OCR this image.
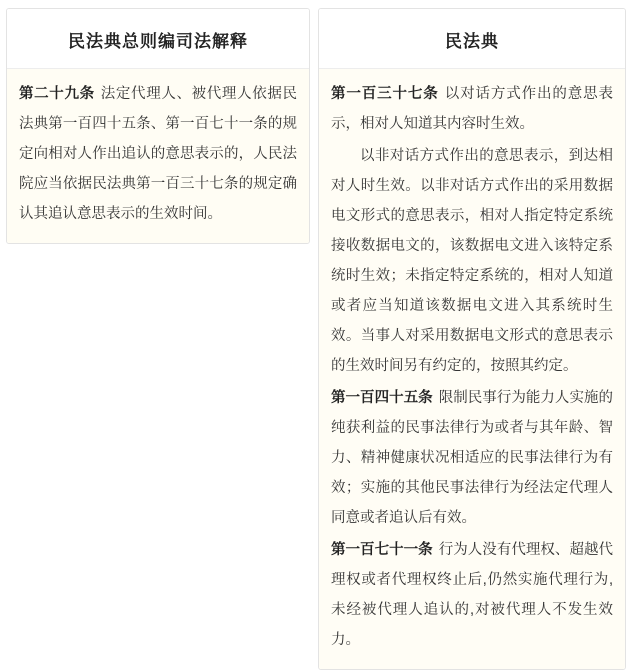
民法典总则编司法解释

第二十九条 法定代理人、被代理人依据民法典第一百四十五条、第一百七十一条的规定向相对人作出追认的意思表示的，人民法院应当依据民法典第一百三十七条的规定确认其追认意思表示的生效时间。

民法典

第一百三十七条 以对话方式作出的意思表示，相对人知道其内容时生效。

以非对话方式作出的意思表示，到达相对人时生效。以非对话方式作出的采用数据电文形式的意思表示，相对人指定特定系统接收数据电文的，该数据电文进入该特定系统时生效；未指定特定系统的，相对人知道或者应当知道该数据电文进入其系统时生效。当事人对采用数据电文形式的意思表示的生效时间另有约定的，按照其约定。

第一百四十五条 限制民事行为能力人实施的纯获利益的民事法律行为或者与其年龄、智力、精神健康状况相适应的民事法律行为有效；实施的其他民事法律行为经法定代理人同意或者追认后有效。

第一百七十一条 行为人没有代理权、超越代理权或者代理权终止后,仍然实施代理行为,未经被代理人追认的,对被代理人不发生效力。
